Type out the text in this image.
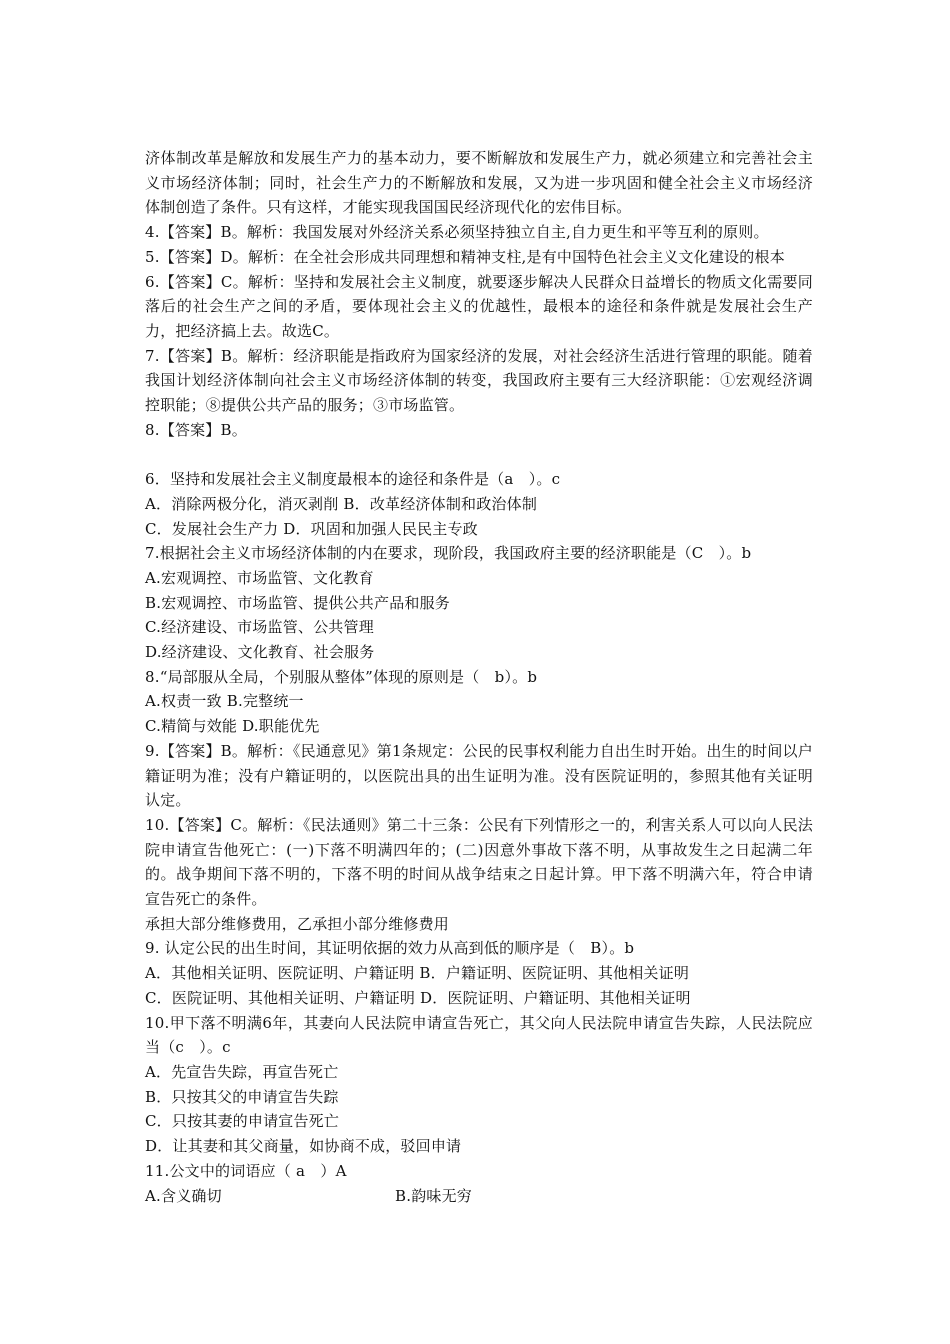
济体制改革是解放和发展生产力的基本动力，要不断解放和发展生产力，就必须建立和完善社会主义市场经济体制；同时，社会生产力的不断解放和发展，又为进一步巩固和健全社会主义市场经济体制创造了条件。只有这样，才能实现我国国民经济现代化的宏伟目标。

4.【答案】B。解析：我国发展对外经济关系必须坚持独立自主,自力更生和平等互利的原则。

5.【答案】D。解析：在全社会形成共同理想和精神支柱,是有中国特色社会主义文化建设的根本

6.【答案】C。解析：坚持和发展社会主义制度，就要逐步解决人民群众日益增长的物质文化需要同落后的社会生产之间的矛盾，要体现社会主义的优越性，最根本的途径和条件就是发展社会生产力，把经济搞上去。故选C。

7.【答案】B。解析：经济职能是指政府为国家经济的发展，对社会经济生活进行管理的职能。随着我国计划经济体制向社会主义市场经济体制的转变，我国政府主要有三大经济职能：①宏观经济调控职能；⑧提供公共产品的服务；③市场监管。

8.【答案】B。

6．坚持和发展社会主义制度最根本的途径和条件是（a　）。c

A．消除两极分化，消灭剥削 B．改革经济体制和政治体制

C．发展社会生产力 D．巩固和加强人民民主专政

7.根据社会主义市场经济体制的内在要求，现阶段，我国政府主要的经济职能是（C　）。b

A.宏观调控、市场监管、文化教育

B.宏观调控、市场监管、提供公共产品和服务

C.经济建设、市场监管、公共管理

D.经济建设、文化教育、社会服务

8.“局部服从全局，个别服从整体”体现的原则是（　b）。b

A.权责一致 B.完整统一

C.精简与效能 D.职能优先

9.【答案】B。解析：《民通意见》第1条规定：公民的民事权利能力自出生时开始。出生的时间以户籍证明为准；没有户籍证明的，以医院出具的出生证明为准。没有医院证明的，参照其他有关证明认定。

10.【答案】C。解析：《民法通则》第二十三条：公民有下列情形之一的，利害关系人可以向人民法院申请宣告他死亡：(一)下落不明满四年的；(二)因意外事故下落不明，从事故发生之日起满二年的。战争期间下落不明的，下落不明的时间从战争结束之日起计算。甲下落不明满六年，符合申请宣告死亡的条件。

承担大部分维修费用，乙承担小部分维修费用

9. 认定公民的出生时间，其证明依据的效力从高到低的顺序是（　B）。b

A．其他相关证明、医院证明、户籍证明 B．户籍证明、医院证明、其他相关证明

C．医院证明、其他相关证明、户籍证明 D．医院证明、户籍证明、其他相关证明

10.甲下落不明满6年，其妻向人民法院申请宣告死亡，其父向人民法院申请宣告失踪，人民法院应当（c　）。c

A．先宣告失踪，再宣告死亡

B．只按其父的申请宣告失踪

C．只按其妻的申请宣告死亡

D．让其妻和其父商量，如协商不成，驳回申请

11.公文中的词语应（ a　）A

A.含义确切	B.韵味无穷
